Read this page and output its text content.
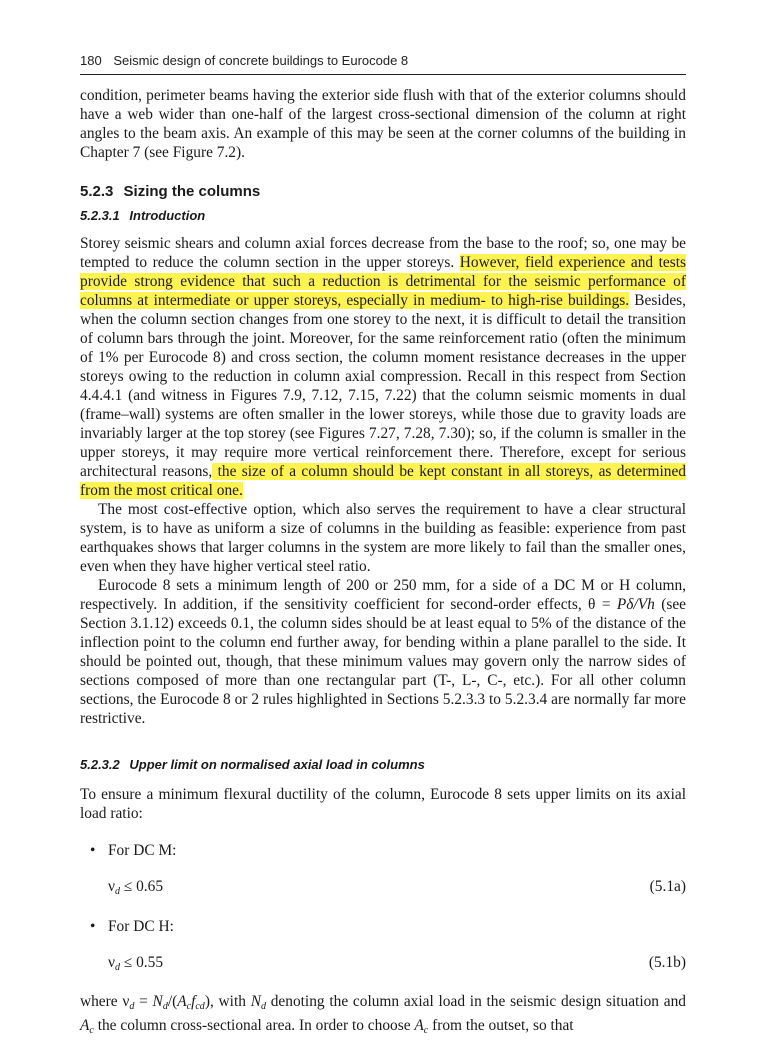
180 Seismic design of concrete buildings to Eurocode 8

condition, perimeter beams having the exterior side flush with that of the exterior columns should have a web wider than one-half of the largest cross-sectional dimension of the column at right angles to the beam axis. An example of this may be seen at the corner columns of the building in Chapter 7 (see Figure 7.2).

5.2.3 Sizing the columns
5.2.3.1 Introduction

Storey seismic shears and column axial forces decrease from the base to the roof; so, one may be tempted to reduce the column section in the upper storeys. However, field experience and tests provide strong evidence that such a reduction is detrimental for the seismic performance of columns at intermediate or upper storeys, especially in medium- to high-rise buildings. Besides, when the column section changes from one storey to the next, it is difficult to detail the transition of column bars through the joint. Moreover, for the same reinforcement ratio (often the minimum of 1% per Eurocode 8) and cross section, the column moment resistance decreases in the upper storeys owing to the reduction in column axial compression. Recall in this respect from Section 4.4.4.1 (and witness in Figures 7.9, 7.12, 7.15, 7.22) that the column seismic moments in dual (frame–wall) systems are often smaller in the lower storeys, while those due to gravity loads are invariably larger at the top storey (see Figures 7.27, 7.28, 7.30); so, if the column is smaller in the upper storeys, it may require more vertical reinforcement there. Therefore, except for serious architectural reasons, the size of a column should be kept constant in all storeys, as determined from the most critical one.

The most cost-effective option, which also serves the requirement to have a clear structural system, is to have as uniform a size of columns in the building as feasible: experience from past earthquakes shows that larger columns in the system are more likely to fail than the smaller ones, even when they have higher vertical steel ratio.

Eurocode 8 sets a minimum length of 200 or 250 mm, for a side of a DC M or H column, respectively. In addition, if the sensitivity coefficient for second-order effects, θ = Pδ/Vh (see Section 3.1.12) exceeds 0.1, the column sides should be at least equal to 5% of the distance of the inflection point to the column end further away, for bending within a plane parallel to the side. It should be pointed out, though, that these minimum values may govern only the narrow sides of sections composed of more than one rectangular part (T-, L-, C-, etc.). For all other column sections, the Eurocode 8 or 2 rules highlighted in Sections 5.2.3.3 to 5.2.3.4 are normally far more restrictive.

5.2.3.2 Upper limit on normalised axial load in columns

To ensure a minimum flexural ductility of the column, Eurocode 8 sets upper limits on its axial load ratio:

• For DC M:
$\nu_d \le 0.65$	(5.1a)
• For DC H:
$\nu_d \le 0.55$	(5.1b)

where $\nu_d$ = Nd/(Acfcd), with Nd denoting the column axial load in the seismic design situation and Ac the column cross-sectional area. In order to choose Ac from the outset, so that
